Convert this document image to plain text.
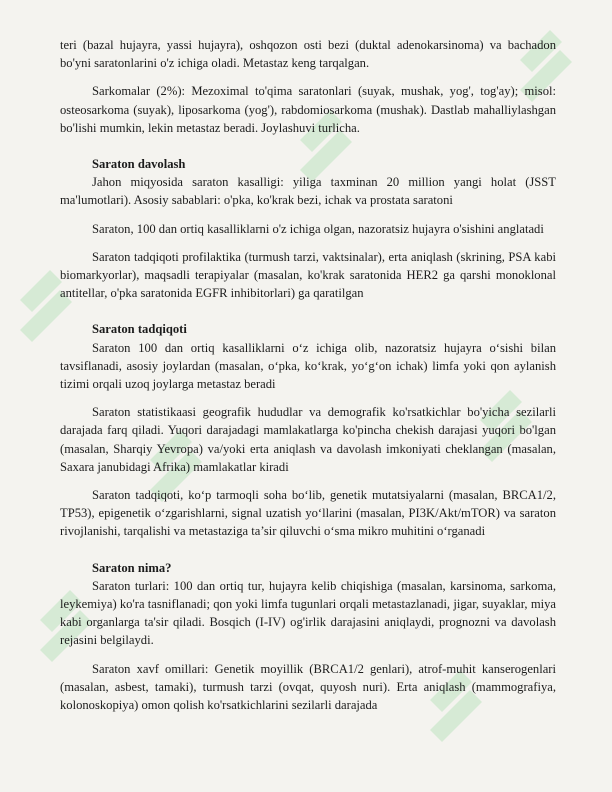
teri (bazal hujayra, yassi hujayra), oshqozon osti bezi (duktal adenokarsinoma) va bachadon bo'yni saratonlarini o'z ichiga oladi. Metastaz keng tarqalgan.

Sarkomalar (2%): Mezoximal to'qima saratonlari (suyak, mushak, yog', tog'ay); misol: osteosarkoma (suyak), liposarkoma (yog'), rabdomiosarkoma (mushak). Dastlab mahalliylashgan bo'lishi mumkin, lekin metastaz beradi. Joylashuvi turlicha.

Saraton davolash

Jahon miqyosida saraton kasalligi: yiliga taxminan 20 million yangi holat (JSST ma'lumotlari). Asosiy sabablari: o'pka, ko'krak bezi, ichak va prostata saratoni

Saraton, 100 dan ortiq kasalliklarni o'z ichiga olgan, nazoratsiz hujayra o'sishini anglatadi

Saraton tadqiqoti profilaktika (turmush tarzi, vaktsinalar), erta aniqlash (skrining, PSA kabi biomarkyorlar), maqsadli terapiyalar (masalan, ko'krak saratonida HER2 ga qarshi monoklonal antitellar, o'pka saratonida EGFR inhibitorlari) ga qaratilgan

Saraton tadqiqoti

Saraton 100 dan ortiq kasalliklarni o‘z ichiga olib, nazoratsiz hujayra o‘sishi bilan tavsiflanadi, asosiy joylardan (masalan, o‘pka, ko‘krak, yo‘g‘on ichak) limfa yoki qon aylanish tizimi orqali uzoq joylarga metastaz beradi

Saraton statistikaasi geografik hududlar va demografik ko'rsatkichlar bo'yicha sezilarli darajada farq qiladi. Yuqori darajadagi mamlakatlarga ko'pincha chekish darajasi yuqori bo'lgan (masalan, Sharqiy Yevropa) va/yoki erta aniqlash va davolash imkoniyati cheklangan (masalan, Saxara janubidagi Afrika) mamlakatlar kiradi

Saraton tadqiqoti, ko‘p tarmoqli soha bo‘lib, genetik mutatsiyalarni (masalan, BRCA1/2, TP53), epigenetik o‘zgarishlarni, signal uzatish yo‘llarini (masalan, PI3K/Akt/mTOR) va saraton rivojlanishi, tarqalishi va metastaziga ta’sir qiluvchi o‘sma mikro muhitini o‘rganadi

Saraton nima?

Saraton turlari: 100 dan ortiq tur, hujayra kelib chiqishiga (masalan, karsinoma, sarkoma, leykemiya) ko'ra tasniflanadi; qon yoki limfa tugunlari orqali metastazlanadi, jigar, suyaklar, miya kabi organlarga ta'sir qiladi. Bosqich (I-IV) og'irlik darajasini aniqlaydi, prognozni va davolash rejasini belgilaydi.

Saraton xavf omillari: Genetik moyillik (BRCA1/2 genlari), atrof-muhit kanserogenlari (masalan, asbest, tamaki), turmush tarzi (ovqat, quyosh nuri). Erta aniqlash (mammografiya, kolonoskopiya) omon qolish ko'rsatkichlarini sezilarli darajada
